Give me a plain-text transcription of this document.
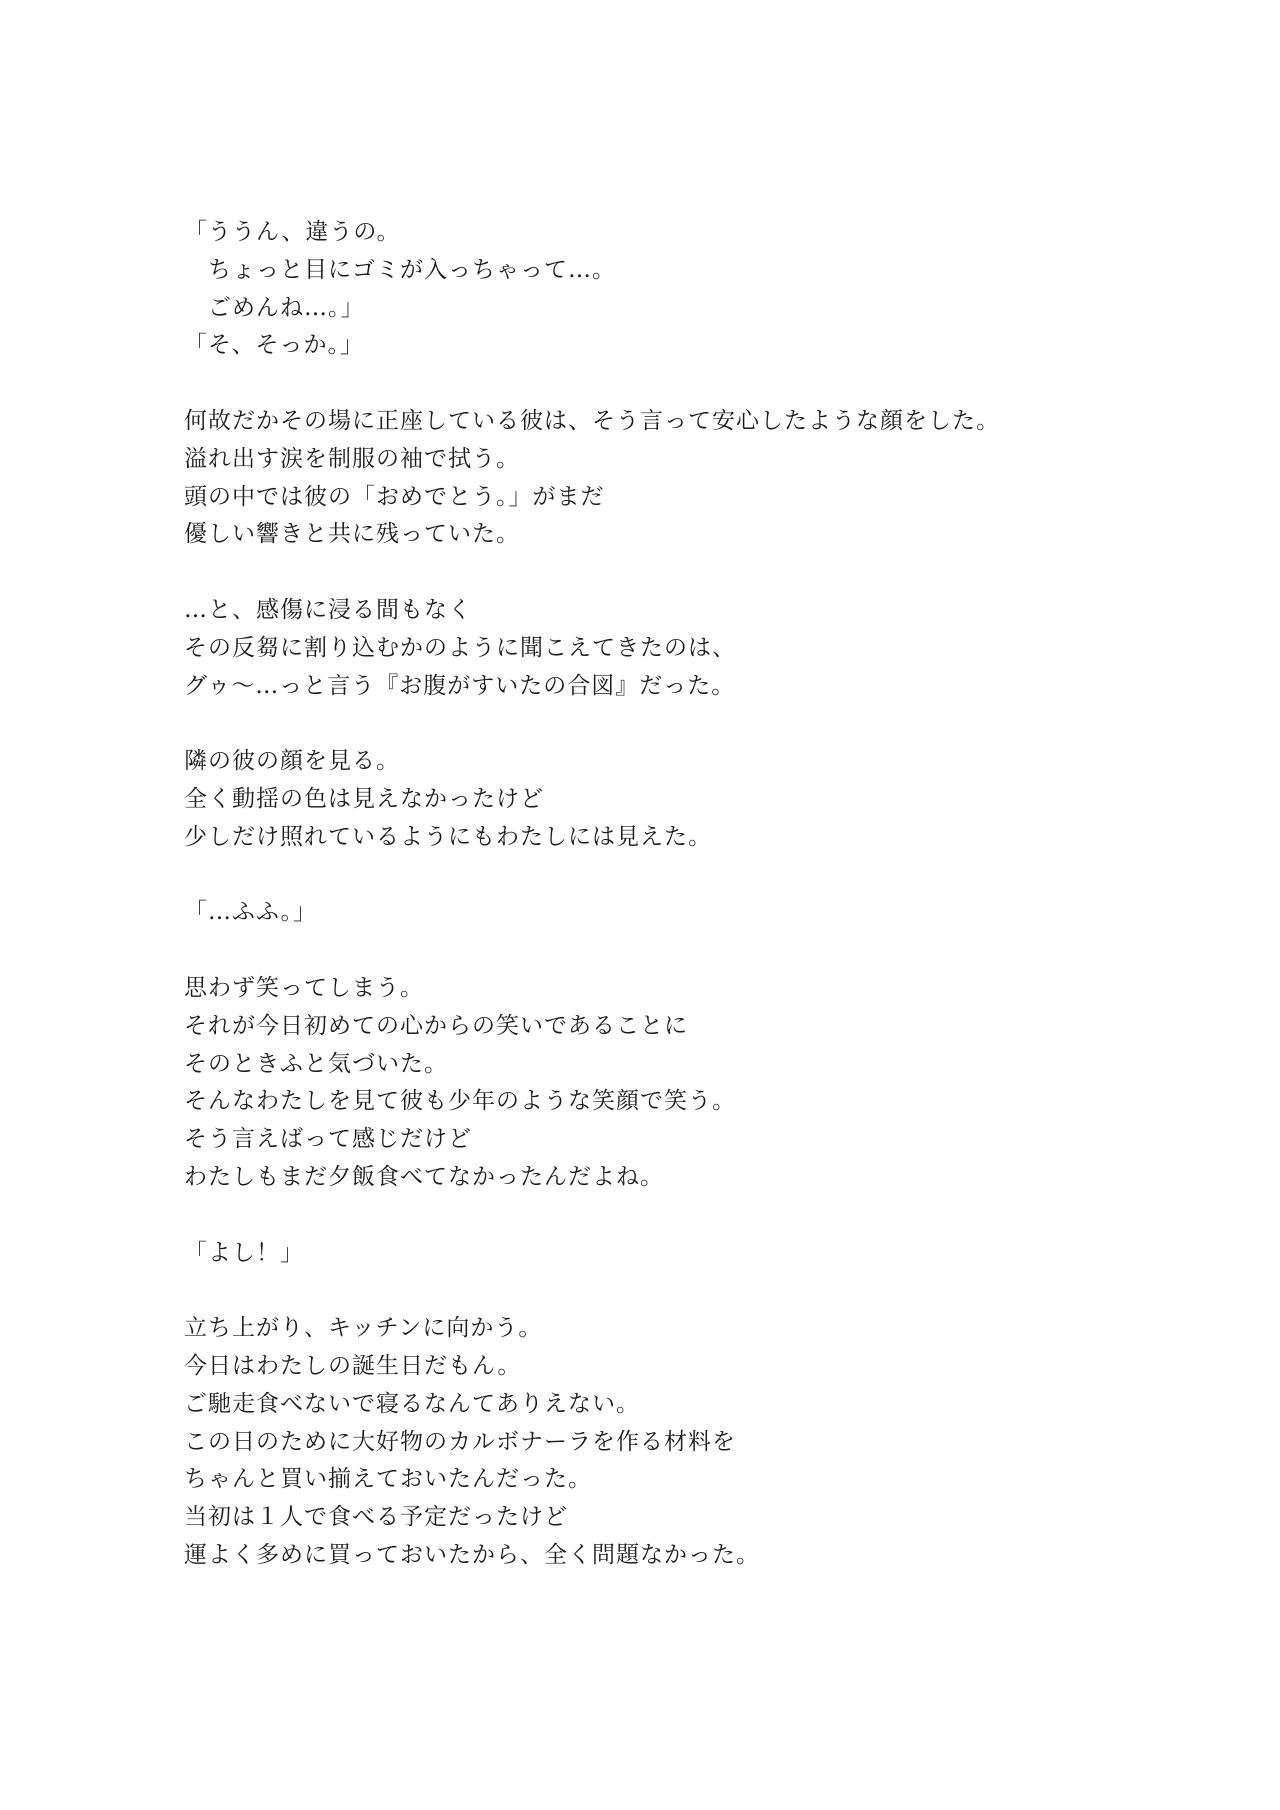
「ううん、違うの。
　ちょっと目にゴミが入っちゃって…。
　ごめんね…。」
「そ、そっか。」
何故だかその場に正座している彼は、そう言って安心したような顔をした。
溢れ出す涙を制服の袖で拭う。
頭の中では彼の「おめでとう。」がまだ
優しい響きと共に残っていた。
…と、感傷に浸る間もなく
その反芻に割り込むかのように聞こえてきたのは、
グゥ〜…っと言う『お腹がすいたの合図』だった。
隣の彼の顔を見る。
全く動揺の色は見えなかったけど
少しだけ照れているようにもわたしには見えた。
「…ふふ。」
思わず笑ってしまう。
それが今日初めての心からの笑いであることに
そのときふと気づいた。
そんなわたしを見て彼も少年のような笑顔で笑う。
そう言えばって感じだけど
わたしもまだ夕飯食べてなかったんだよね。
「よし！」
立ち上がり、キッチンに向かう。
今日はわたしの誕生日だもん。
ご馳走食べないで寝るなんてありえない。
この日のために大好物のカルボナーラを作る材料を
ちゃんと買い揃えておいたんだった。
当初は１人で食べる予定だったけど
運よく多めに買っておいたから、全く問題なかった。
